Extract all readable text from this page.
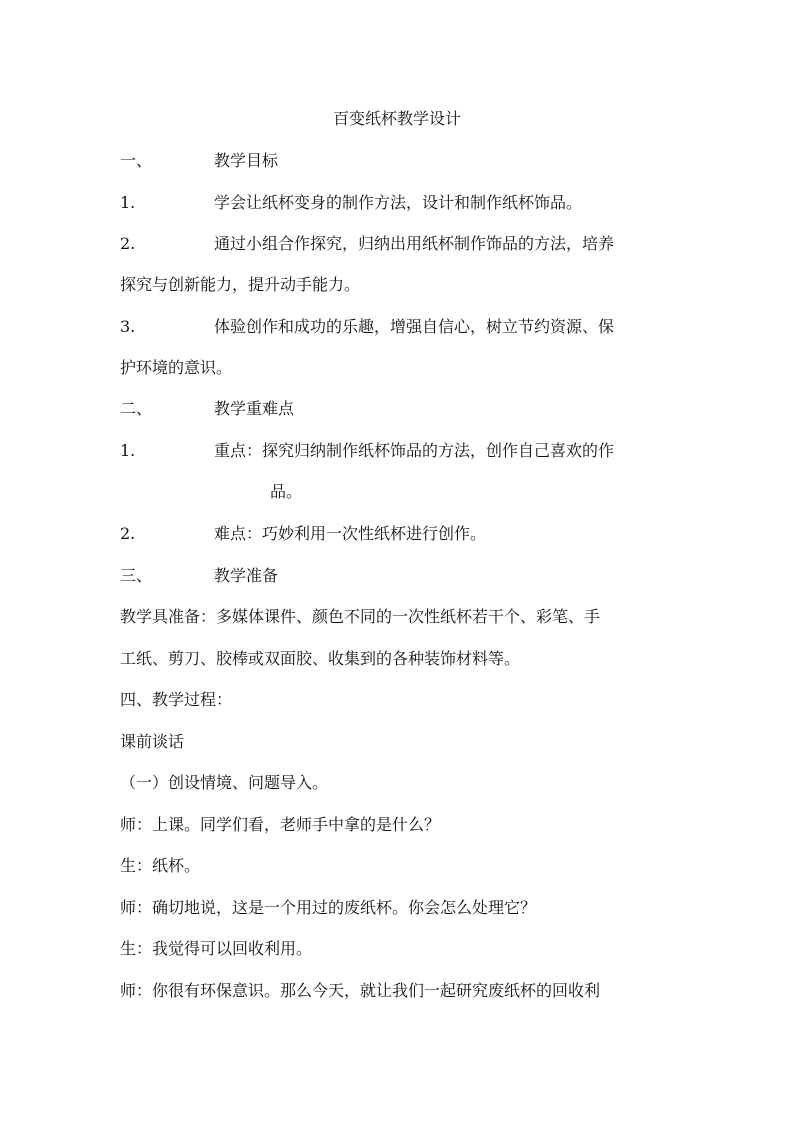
百变纸杯教学设计
一、	教学目标
1.	学会让纸杯变身的制作方法，设计和制作纸杯饰品。
2.	通过小组合作探究，归纳出用纸杯制作饰品的方法，培养
探究与创新能力，提升动手能力。
3.	体验创作和成功的乐趣，增强自信心，树立节约资源、保
护环境的意识。
二、	教学重难点
1.	重点：探究归纳制作纸杯饰品的方法，创作自己喜欢的作
品。
2.	难点：巧妙利用一次性纸杯进行创作。
三、	教学准备
教学具准备：多媒体课件、颜色不同的一次性纸杯若干个、彩笔、手
工纸、剪刀、胶棒或双面胶、收集到的各种装饰材料等。
四、教学过程：
课前谈话
（一）创设情境、问题导入。
师：上课。同学们看，老师手中拿的是什么？
生：纸杯。
师：确切地说，这是一个用过的废纸杯。你会怎么处理它？
生：我觉得可以回收利用。
师：你很有环保意识。那么今天，就让我们一起研究废纸杯的回收利
